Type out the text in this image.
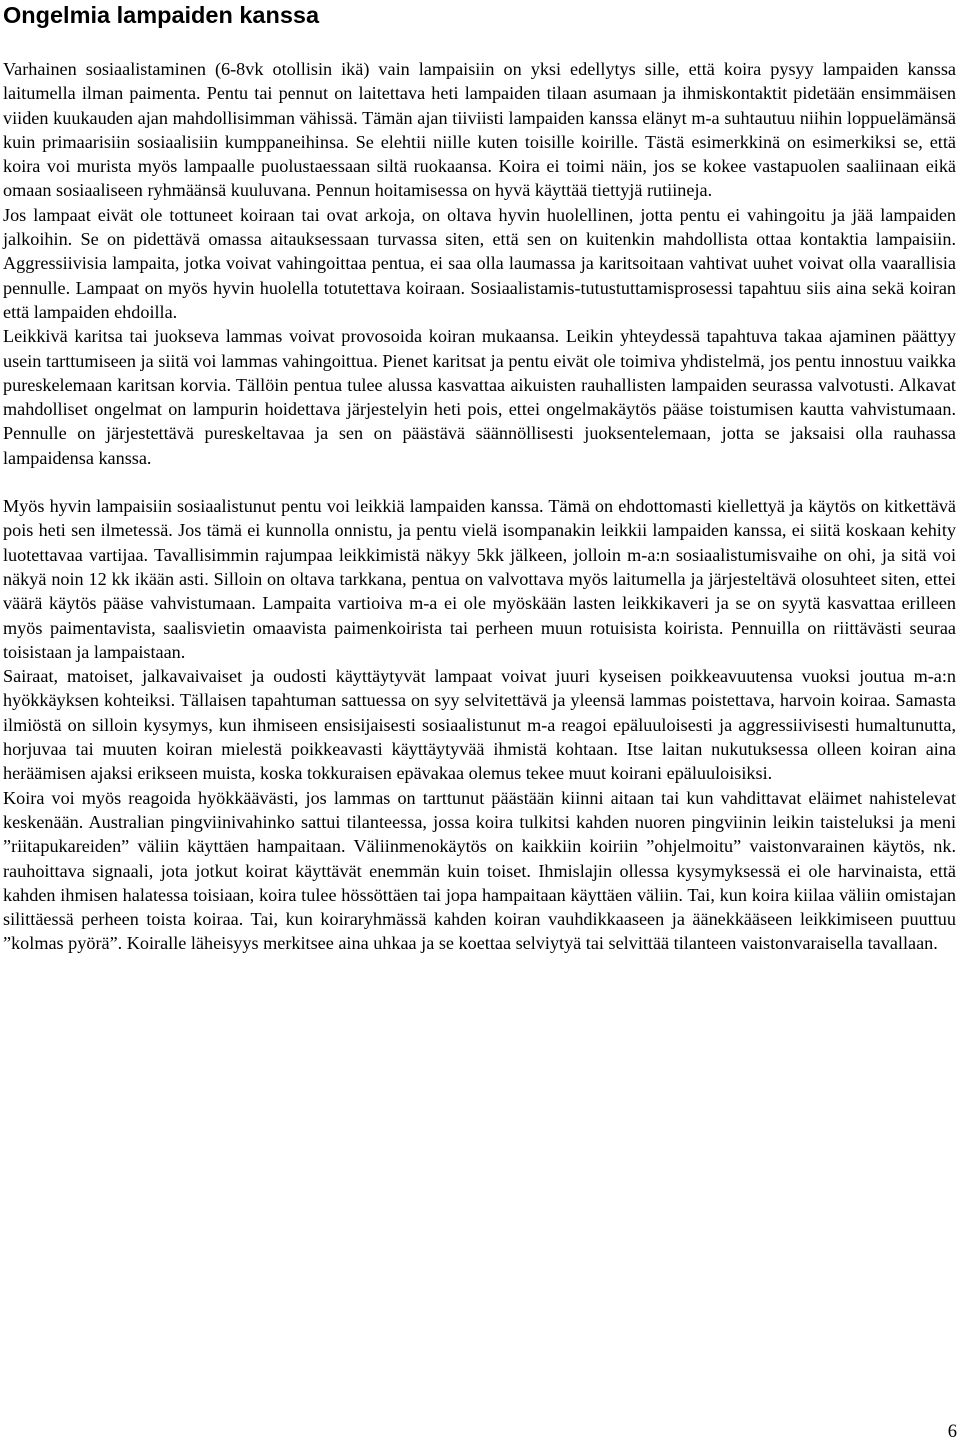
Ongelmia lampaiden kanssa

Varhainen sosiaalistaminen (6-8vk otollisin ikä) vain lampaisiin on yksi edellytys sille, että koira pysyy lampaiden kanssa laitumella ilman paimenta. Pentu tai pennut on laitettava heti lampaiden tilaan asumaan ja ihmiskontaktit pidetään ensimmäisen viiden kuukauden ajan mahdollisimman vähissä. Tämän ajan tiiviisti lampaiden kanssa elänyt m-a suhtautuu niihin loppuelämänsä kuin primaarisiin sosiaalisiin kumppaneihinsa. Se elehtii niille kuten toisille koirille. Tästä esimerkkinä on esimerkiksi se, että koira voi murista myös lampaalle puolustaessaan siltä ruokaansa. Koira ei toimi näin, jos se kokee vastapuolen saaliinaan eikä omaan sosiaaliseen ryhmäänsä kuuluvana. Pennun hoitamisessa on hyvä käyttää tiettyjä rutiineja.

Jos lampaat eivät ole tottuneet koiraan tai ovat arkoja, on oltava hyvin huolellinen, jotta pentu ei vahingoitu ja jää lampaiden jalkoihin. Se on pidettävä omassa aitauksessaan turvassa siten, että sen on kuitenkin mahdollista ottaa kontaktia lampaisiin. Aggressiivisia lampaita, jotka voivat vahingoittaa pentua, ei saa olla laumassa ja karitsoitaan vahtivat uuhet voivat olla vaarallisia pennulle. Lampaat on myös hyvin huolella totutettava koiraan. Sosiaalistamis-tutustuttamisprosessi tapahtuu siis aina sekä koiran että lampaiden ehdoilla.

Leikkivä karitsa tai juokseva lammas voivat provosoida koiran mukaansa. Leikin yhteydessä tapahtuva takaa ajaminen päättyy usein tarttumiseen ja siitä voi lammas vahingoittua. Pienet karitsat ja pentu eivät ole toimiva yhdistelmä, jos pentu innostuu vaikka pureskelemaan karitsan korvia. Tällöin pentua tulee alussa kasvattaa aikuisten rauhallisten lampaiden seurassa valvotusti. Alkavat mahdolliset ongelmat on lampurin hoidettava järjestelyin heti pois, ettei ongelmakäytös pääse toistumisen kautta vahvistumaan. Pennulle on järjestettävä pureskeltavaa ja sen on päästävä säännöllisesti juoksentelemaan, jotta se jaksaisi olla rauhassa lampaidensa kanssa.

Myös hyvin lampaisiin sosiaalistunut pentu voi leikkiä lampaiden kanssa. Tämä on ehdottomasti kiellettyä ja käytös on kitkettävä pois heti sen ilmetessä. Jos tämä ei kunnolla onnistu, ja pentu vielä isompanakin leikkii lampaiden kanssa, ei siitä koskaan kehity luotettavaa vartijaa. Tavallisimmin rajumpaa leikkimistä näkyy 5kk jälkeen, jolloin m-a:n sosiaalistumisvaihe on ohi, ja sitä voi näkyä noin 12 kk ikään asti. Silloin on oltava tarkkana, pentua on valvottava myös laitumella ja järjesteltävä olosuhteet siten, ettei väärä käytös pääse vahvistumaan. Lampaita vartioiva m-a ei ole myöskään lasten leikkikaveri ja se on syytä kasvattaa erilleen myös paimentavista, saalisvietin omaavista paimenkoirista tai perheen muun rotuisista koirista. Pennuilla on riittävästi seuraa toisistaan ja lampaistaan.

Sairaat, matoiset, jalkavaivaiset ja oudosti käyttäytyvät lampaat voivat juuri kyseisen poikkeavuutensa vuoksi joutua m-a:n hyökkäyksen kohteiksi. Tällaisen tapahtuman sattuessa on syy selvitettävä ja yleensä lammas poistettava, harvoin koiraa. Samasta ilmiöstä on silloin kysymys, kun ihmiseen ensisijaisesti sosiaalistunut m-a reagoi epäluuloisesti ja aggressiivisesti humaltunutta, horjuvaa tai muuten koiran mielestä poikkeavasti käyttäytyvää ihmistä kohtaan. Itse laitan nukutuksessa olleen koiran aina heräämisen ajaksi erikseen muista, koska tokkuraisen epävakaa olemus tekee muut koirani epäluuloisiksi.

Koira voi myös reagoida hyökkäävästi, jos lammas on tarttunut päästään kiinni aitaan tai kun vahdittavat eläimet nahistelevat keskenään. Australian pingviinivahinko sattui tilanteessa, jossa koira tulkitsi kahden nuoren pingviinin leikin taisteluksi ja meni ”riitapukareiden” väliin käyttäen hampaitaan. Väliinmenokäytös on kaikkiin koiriin ”ohjelmoitu” vaistonvarainen käytös, nk. rauhoittava signaali, jota jotkut koirat käyttävät enemmän kuin toiset. Ihmislajin ollessa kysymyksessä ei ole harvinaista, että kahden ihmisen halatessa toisiaan, koira tulee hössöttäen tai jopa hampaitaan käyttäen väliin. Tai, kun koira kiilaa väliin omistajan silittäessä perheen toista koiraa. Tai, kun koiraryhmässä kahden koiran vauhdikkaaseen ja äänekkääseen leikkimiseen puuttuu ”kolmas pyörä”. Koiralle läheisyys merkitsee aina uhkaa ja se koettaa selviytyä tai selvittää tilanteen vaistonvaraisella tavallaan.

6
